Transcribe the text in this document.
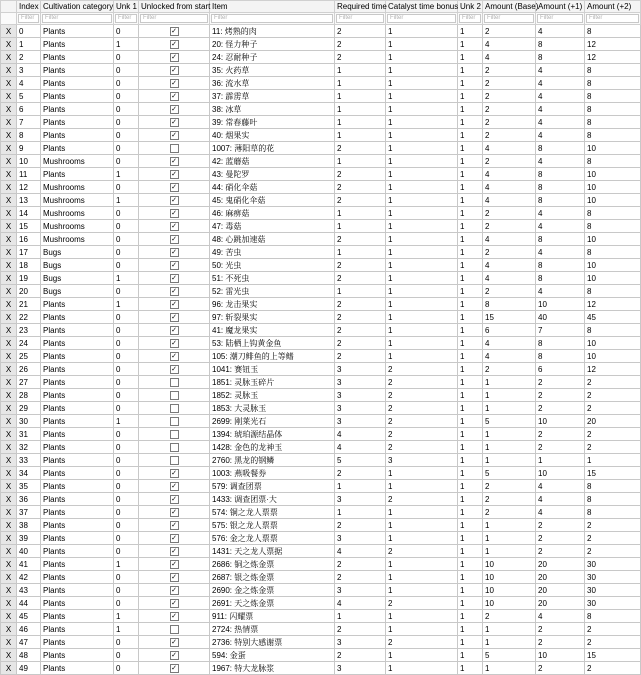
	Index	Cultivation category	Unk 1	Unlocked from start	Item	Required time	Catalyst time bonus	Unk 2	Amount (Base)	Amount (+1)	Amount (+2)

	Filter	Filter	Filter	Filter	Filter	Filter	Filter	Filter	Filter	Filter	Filter

X	0	Plants	0	✓	11: 烤熟的肉	2	1	1	2	4	8
X	1	Plants	1	✓	20: 怪力种子	2	1	1	4	8	12
X	2	Plants	0	✓	24: 忍耐种子	2	1	1	4	8	12
X	3	Plants	0	✓	35: 火药草	1	1	1	2	4	8
X	4	Plants	0	✓	36: 流水草	1	1	1	2	4	8
X	5	Plants	0	✓	37: 霹雳草	1	1	1	2	4	8
X	6	Plants	0	✓	38: 冰草	1	1	1	2	4	8
X	7	Plants	0	✓	39: 常春藤叶	1	1	1	2	4	8
X	8	Plants	0	✓	40: 烟果实	1	1	1	2	4	8
X	9	Plants	0		1007: 薄阳草的花	2	1	1	4	8	10
X	10	Mushrooms	0	✓	42: 蓝蘑菇	1	1	1	2	4	8
X	11	Plants	1	✓	43: 曼陀罗	2	1	1	4	8	10
X	12	Mushrooms	0	✓	44: 硝化伞菇	2	1	1	4	8	10
X	13	Mushrooms	1	✓	45: 鬼硝化伞菇	2	1	1	4	8	10
X	14	Mushrooms	0	✓	46: 麻痹菇	1	1	1	2	4	8
X	15	Mushrooms	0	✓	47: 毒菇	1	1	1	2	4	8
X	16	Mushrooms	0	✓	48: 心跳加速菇	2	1	1	4	8	10
X	17	Bugs	0	✓	49: 苦虫	1	1	1	2	4	8
X	18	Bugs	0	✓	50: 光虫	2	1	1	4	8	10
X	19	Bugs	1	✓	51: 不死虫	2	1	1	4	8	10
X	20	Bugs	0	✓	52: 雷光虫	1	1	1	2	4	8
X	21	Plants	1	✓	96: 龙击果实	2	1	1	8	10	12
X	22	Plants	0	✓	97: 斩裂果实	2	1	1	15	40	45
X	23	Plants	0	✓	41: 魔龙果实	2	1	1	6	7	8
X	24	Plants	0	✓	53: 陆栖上钩黄金鱼	2	1	1	4	8	10
X	25	Plants	0	✓	105: 潮刀鲱鱼的上等鳍	2	1	1	4	8	10
X	26	Plants	0	✓	1041: 赛钮玉	3	2	1	2	6	12
X	27	Plants	0		1851: 灵脉玉碎片	3	2	1	1	2	2
X	28	Plants	0		1852: 灵脉玉	3	2	1	1	2	2
X	29	Plants	0		1853: 大灵脉玉	3	2	1	1	2	2
X	30	Plants	1		2699: 刚莱光石	3	2	1	5	10	20
X	31	Plants	0		1394: 琥珀源结晶体	4	2	1	1	2	2
X	32	Plants	0		1428: 金色的龙神玉	4	2	1	1	2	2
X	33	Plants	0		2760: 黑龙的钢鳞	5	3	1	1	1	1
X	34	Plants	0	✓	1003: 燕吸餐券	2	1	1	5	10	15
X	35	Plants	0	✓	579: 调查团票	1	1	1	2	4	8
X	36	Plants	0	✓	1433: 调查团票·大	3	2	1	2	4	8
X	37	Plants	0	✓	574: 铜之龙人票票	1	1	1	2	4	8
X	38	Plants	0	✓	575: 银之龙人票票	2	1	1	1	2	2
X	39	Plants	0	✓	576: 金之龙人票票	3	1	1	1	2	2
X	40	Plants	0	✓	1431: 天之龙人票据	4	2	1	1	2	2
X	41	Plants	1	✓	2686: 铜之炼金票	2	1	1	10	20	30
X	42	Plants	0	✓	2687: 银之炼金票	2	1	1	10	20	30
X	43	Plants	0	✓	2690: 金之炼金票	3	1	1	10	20	30
X	44	Plants	0	✓	2691: 天之炼金票	4	2	1	10	20	30
X	45	Plants	1	✓	911: 闪耀票	1	1	1	2	4	8
X	46	Plants	1		2724: 热情票	2	1	1	1	2	2
X	47	Plants	0	✓	2736: 特别大感谢票	3	2	1	1	2	2
X	48	Plants	0	✓	594: 金蛋	2	1	1	5	10	15
X	49	Plants	0	✓	1967: 特大龙脉浆	3	1	1	1	2	2
